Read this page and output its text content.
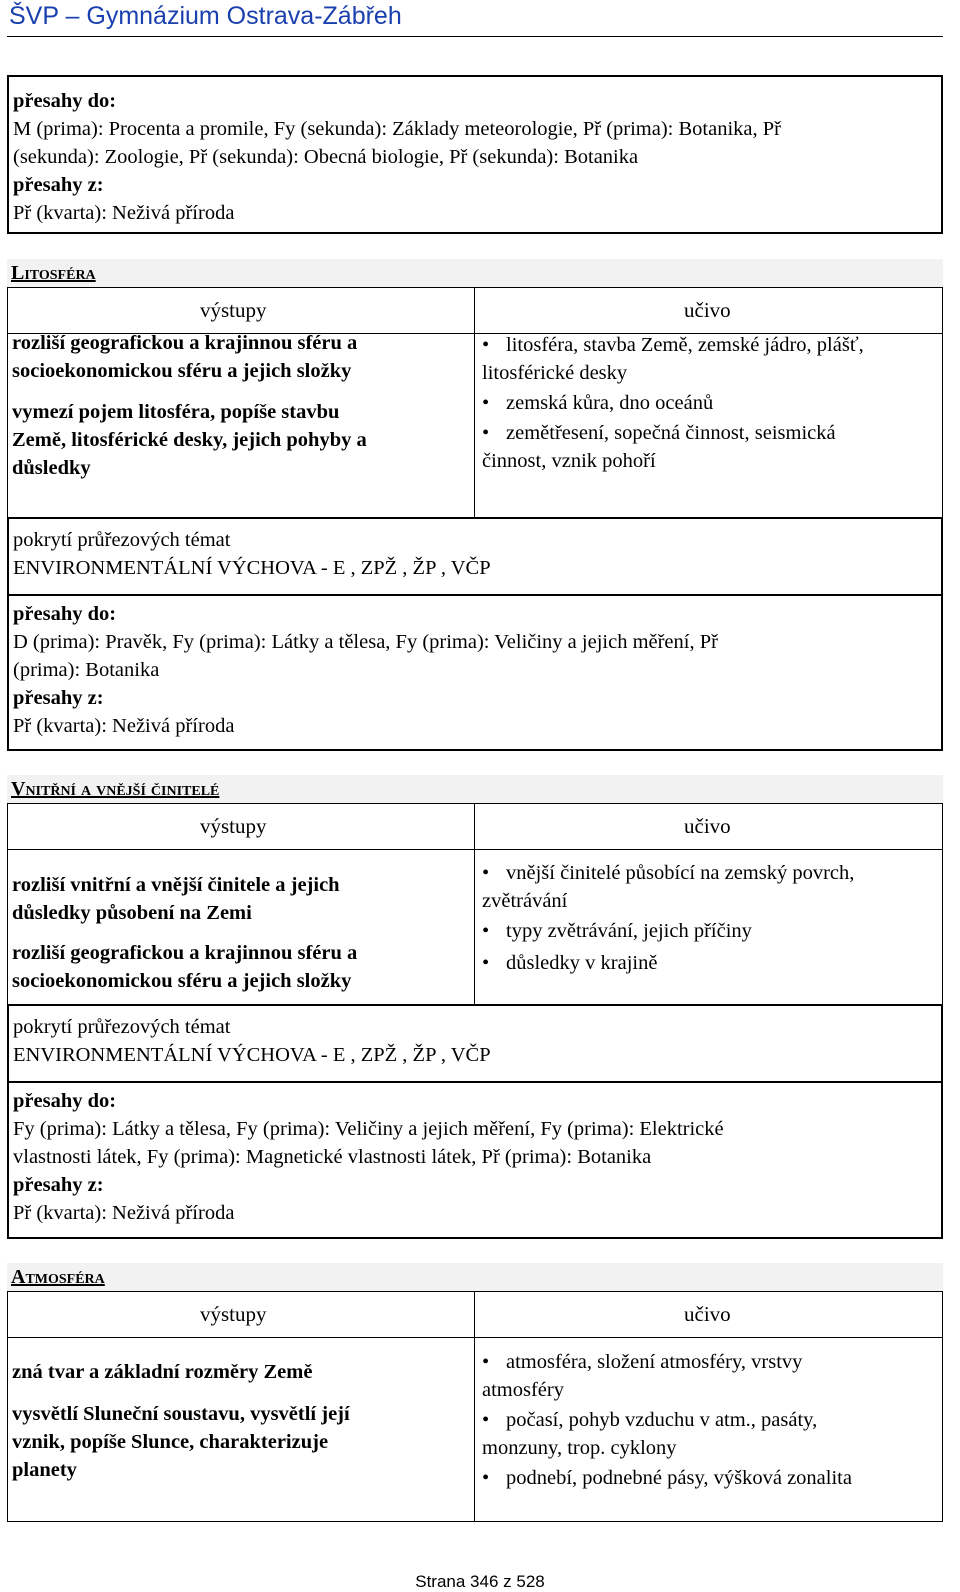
ŠVP – Gymnázium Ostrava-Zábřeh
přesahy do:
M (prima): Procenta a promile, Fy (sekunda): Základy meteorologie, Př (prima): Botanika, Př
(sekunda): Zoologie, Př (sekunda): Obecná biologie, Př (sekunda): Botanika
přesahy z:
Př (kvarta): Neživá příroda
Litosféra
výstupy	učivo
rozliší geografickou a krajinnou sféru a
socioekonomickou sféru a jejich složky
vymezí pojem litosféra, popíše stavbu
Země, litosférické desky, jejich pohyby a
důsledky
• litosféra, stavba Země, zemské jádro, plášť,
litosférické desky
• zemská kůra, dno oceánů
• zemětřesení, sopečná činnost, seismická
činnost, vznik pohoří
pokrytí průřezových témat
ENVIRONMENTÁLNÍ VÝCHOVA - E , ZPŽ , ŽP , VČP
přesahy do:
D (prima): Pravěk, Fy (prima): Látky a tělesa, Fy (prima): Veličiny a jejich měření, Př
(prima): Botanika
přesahy z:
Př (kvarta): Neživá příroda
Vnitřní a vnější činitelé
výstupy	učivo
rozliší vnitřní a vnější činitele a jejich
důsledky působení na Zemi
rozliší geografickou a krajinnou sféru a
socioekonomickou sféru a jejich složky
• vnější činitelé působící na zemský povrch,
zvětrávání
• typy zvětrávání, jejich příčiny
• důsledky v krajině
pokrytí průřezových témat
ENVIRONMENTÁLNÍ VÝCHOVA - E , ZPŽ , ŽP , VČP
přesahy do:
Fy (prima): Látky a tělesa, Fy (prima): Veličiny a jejich měření, Fy (prima): Elektrické
vlastnosti látek, Fy (prima): Magnetické vlastnosti látek, Př (prima): Botanika
přesahy z:
Př (kvarta): Neživá příroda
Atmosféra
výstupy	učivo
zná tvar a základní rozměry Země
vysvětlí Sluneční soustavu, vysvětlí její
vznik, popíše Slunce, charakterizuje
planety
• atmosféra, složení atmosféry, vrstvy
atmosféry
• počasí, pohyb vzduchu v atm., pasáty,
monzuny, trop. cyklony
• podnebí, podnebné pásy, výšková zonalita
Strana 346 z 528
